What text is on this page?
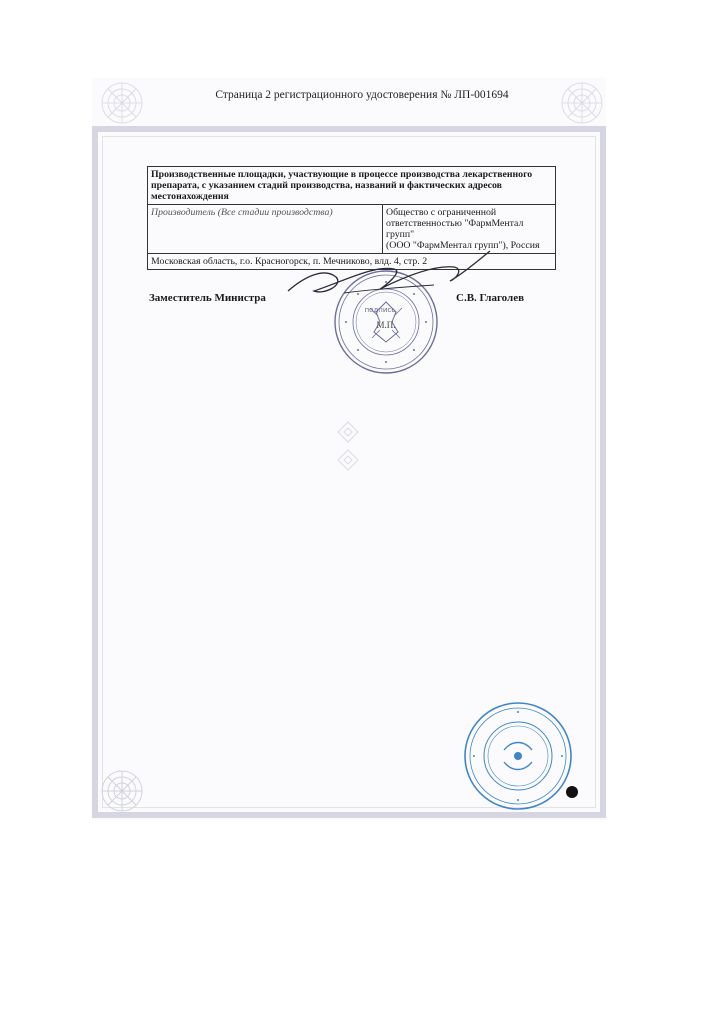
Страница 2 регистрационного удостоверения № ЛП-001694
Производственные площадки, участвующие в процессе производства лекарственного препарата, с указанием стадий производства, названий и фактических адресов местонахождения
Производитель (Все стадии производства)	Общество с ограниченной
ответственностью "ФармМентал групп"
(ООО "ФармМентал групп"), Россия

Московская область, г.о. Красногорск, п. Мечниково, влд. 4, стр. 2
Заместитель Министра	С.В. Глаголев
М.П.
подпись
